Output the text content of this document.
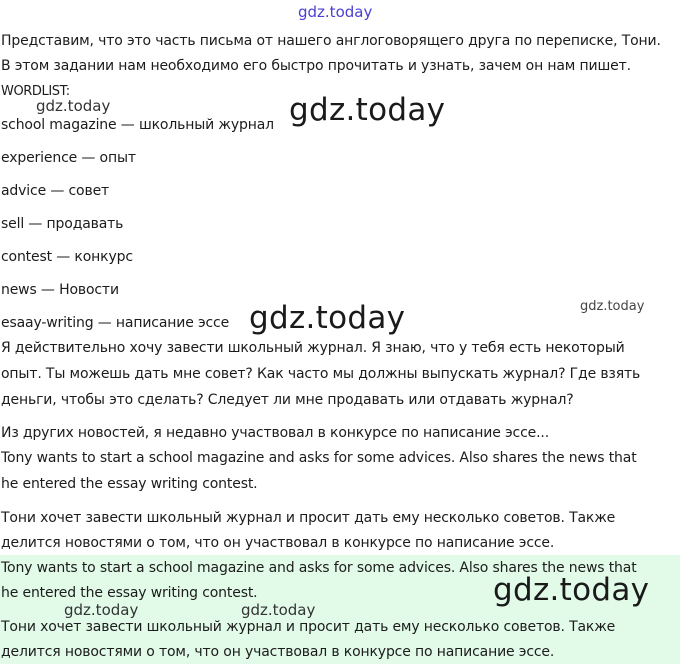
gdz.today
Представим, что это часть письма от нашего англоговорящего друга по переписке, Тони.
В этом задании нам необходимо его быстро прочитать и узнать, зачем он нам пишет.
WORDLIST:
gdz.today	gdz.today
school magazine — школьный журнал
experience — опыт
advice — совет
sell — продавать
contest — конкурс
news — Новости
gdz.today
esaay-writing — написание эссе gdz.today
Я действительно хочу завести школьный журнал. Я знаю, что у тебя есть некоторый
опыт. Ты можешь дать мне совет? Как часто мы должны выпускать журнал? Где взять
деньги, чтобы это сделать? Следует ли мне продавать или отдавать журнал?
Из других новостей, я недавно участвовал в конкурсе по написание эссе...
Tony wants to start a school magazine and asks for some advices. Also shares the news that
he entered the essay writing contest.
Тони хочет завести школьный журнал и просит дать ему несколько советов. Также
делится новостями о том, что он участвовал в конкурсе по написание эссе.
Tony wants to start a school magazine and asks for some advices. Also shares the news that
he entered the essay writing contest.	gdz.today
gdz.today	gdz.today
Тони хочет завести школьный журнал и просит дать ему несколько советов. Также
делится новостями о том, что он участвовал в конкурсе по написание эссе.
